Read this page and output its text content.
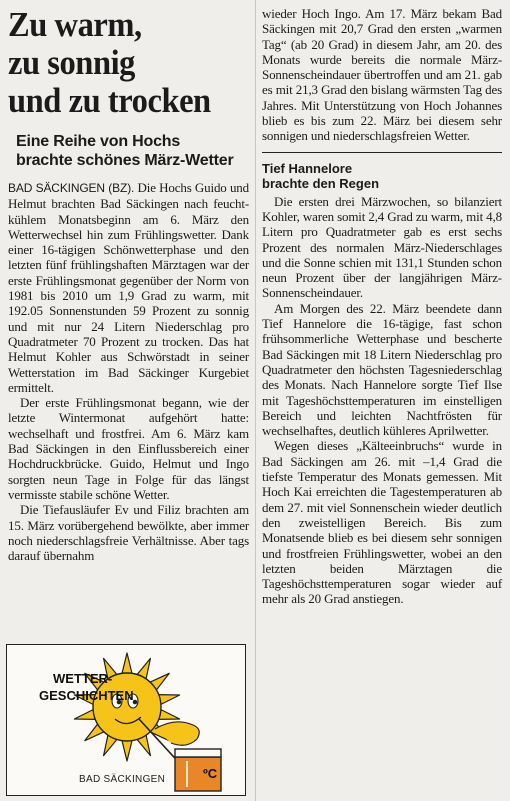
Zu warm,
zu sonnig
und zu trocken
Eine Reihe von Hochs
brachte schönes März-Wetter

BAD SÄCKINGEN (BZ). Die Hochs Guido und Helmut brachten Bad Säckingen nach feucht-kühlem Monatsbeginn am 6. März den Wetterwechsel hin zum Frühlingswetter. Dank einer 16-tägigen Schönwetterphase und den letzten fünf frühlingshaften Märztagen war der erste Frühlingsmonat gegenüber der Norm von 1981 bis 2010 um 1,9 Grad zu warm, mit 192.05 Sonnenstunden 59 Prozent zu sonnig und mit nur 24 Litern Niederschlag pro Quadratmeter 70 Prozent zu trocken. Das hat Helmut Kohler aus Schwörstadt in seiner Wetterstation im Bad Säckinger Kurgebiet ermittelt.

Der erste Frühlingsmonat begann, wie der letzte Wintermonat aufgehört hatte: wechselhaft und frostfrei. Am 6. März kam Bad Säckingen in den Einflussbereich einer Hochdruckbrücke. Guido, Helmut und Ingo sorgten neun Tage in Folge für das längst vermisste stabile schöne Wetter.

Die Tiefausläufer Ev und Filiz brachten am 15. März vorübergehend bewölkte, aber immer noch niederschlagsfreie Verhältnisse. Aber tags darauf übernahm

WETTER-
GESCHICHTEN
BAD SÄCKINGEN	ºC

wieder Hoch Ingo. Am 17. März bekam Bad Säckingen mit 20,7 Grad den ersten „warmen Tag“ (ab 20 Grad) in diesem Jahr, am 20. des Monats wurde bereits die normale März-Sonnenscheindauer übertroffen und am 21. gab es mit 21,3 Grad den bislang wärmsten Tag des Jahres. Mit Unterstützung von Hoch Johannes blieb es bis zum 22. März bei diesem sehr sonnigen und niederschlagsfreien Wetter.

Tief Hannelore
brachte den Regen

Die ersten drei Märzwochen, so bilanziert Kohler, waren somit 2,4 Grad zu warm, mit 4,8 Litern pro Quadratmeter gab es erst sechs Prozent des normalen März-Niederschlages und die Sonne schien mit 131,1 Stunden schon neun Prozent über der langjährigen März-Sonnenscheindauer.

Am Morgen des 22. März beendete dann Tief Hannelore die 16-tägige, fast schon frühsommerliche Wetterphase und bescherte Bad Säckingen mit 18 Litern Niederschlag pro Quadratmeter den höchsten Tagesniederschlag des Monats. Nach Hannelore sorgte Tief Ilse mit Tageshöchsttemperaturen im einstelligen Bereich und leichten Nachtfrösten für wechselhaftes, deutlich kühleres Aprilwetter.

Wegen dieses „Kälteeinbruchs“ wurde in Bad Säckingen am 26. mit –1,4 Grad die tiefste Temperatur des Monats gemessen. Mit Hoch Kai erreichten die Tagestemperaturen ab dem 27. mit viel Sonnenschein wieder deutlich den zweistelligen Bereich. Bis zum Monatsende blieb es bei diesem sehr sonnigen und frostfreien Frühlingswetter, wobei an den letzten beiden Märztagen die Tageshöchsttemperaturen sogar wieder auf mehr als 20 Grad anstiegen.
